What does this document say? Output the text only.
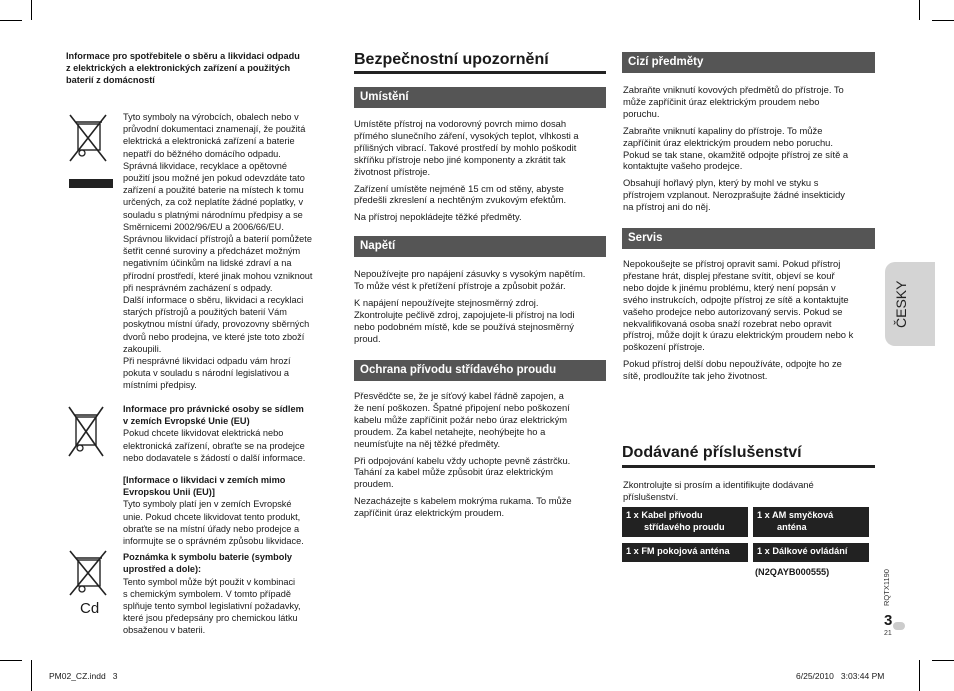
Informace pro spotřebitele o sběru a likvidaci odpadu
z elektrických a elektronických zařízení a použitých
baterií z domácností
Tyto symboly na výrobcích, obalech nebo v
průvodní dokumentaci znamenají, že použitá
elektrická a elektronická zařízení a baterie
nepatří do běžného domácího odpadu.
Správná likvidace, recyklace a opětovné
použití jsou možné jen pokud odevzdáte tato
zařízení a použité baterie na místech k tomu
určených, za což neplatíte žádné poplatky, v
souladu s platnými národnímu předpisy a se
Směrnicemi 2002/96/EU a 2006/66/EU.
Správnou likvidací přístrojů a baterií pomůžete
šetřit cenné suroviny a předcházet možným
negativním účinkům na lidské zdraví a na
přírodní prostředí, které jinak mohou vzniknout
při nesprávném zacházení s odpady.
Další informace o sběru, likvidaci a recyklaci
starých přístrojů a použitých baterií Vám
poskytnou místní úřady, provozovny sběrných
dvorů nebo prodejna, ve které jste toto zboží
zakoupili.
Při nesprávné likvidaci odpadu vám hrozí
pokuta v souladu s národní legislativou a
místními předpisy.
Informace pro právnické osoby se sídlem
v zemích Evropské Unie (EU)
Pokud chcete likvidovat elektrická nebo
elektronická zařízení, obraťte se na prodejce
nebo dodavatele s žádostí o další informace.
[Informace o likvidaci v zemích mimo
Evropskou Unii (EU)]
Tyto symboly platí jen v zemích Evropské
unie. Pokud chcete likvidovat tento produkt,
obraťte se na místní úřady nebo prodejce a
informujte se o správném způsobu likvidace.
Poznámka k symbolu baterie (symboly
uprostřed a dole):
Tento symbol může být použit v kombinaci
s chemickým symbolem. V tomto případě
splňuje tento symbol legislativní požadavky,
které jsou předepsány pro chemickou látku
obsaženou v baterii.
Cd
Bezpečnostní upozornění
Umístění
Umístěte přístroj na vodorovný povrch mimo dosah
přímého slunečního záření, vysokých teplot, vlhkosti a
přílišných vibrací. Takové prostředí by mohlo poškodit
skříňku přístroje nebo jiné komponenty a zkrátit tak
životnost přístroje.
Zařízení umístěte nejméně 15 cm od stěny, abyste
předešli zkreslení a nechtěným zvukovým efektům.
Na přístroj nepokládejte těžké předměty.
Napětí
Nepoužívejte pro napájení zásuvky s vysokým napětím.
To může vést k přetížení přístroje a způsobit požár.
K napájení nepoužívejte stejnosměrný zdroj.
Zkontrolujte pečlivě zdroj, zapojujete-li přístroj na lodi
nebo podobném místě, kde se používá stejnosměrný
proud.
Ochrana přívodu střídavého proudu
Přesvědčte se, že je síťový kabel řádně zapojen, a
že není poškozen. Špatné připojení nebo poškození
kabelu může zapříčinit požár nebo úraz elektrickým
proudem. Za kabel netahejte, neohýbejte ho a
neumísťujte na něj těžké předměty.
Při odpojování kabelu vždy uchopte pevně zástrčku.
Tahání za kabel může způsobit úraz elektrickým
proudem.
Nezacházejte s kabelem mokrýma rukama. To může
zapříčinit úraz elektrickým proudem.
Cizí předměty
Zabraňte vniknutí kovových předmětů do přístroje. To
může zapříčinit úraz elektrickým proudem nebo
poruchu.
Zabraňte vniknutí kapaliny do přístroje. To může
zapříčinit úraz elektrickým proudem nebo poruchu.
Pokud se tak stane, okamžitě odpojte přístroj ze sítě a
kontaktujte vašeho prodejce.
Obsahují hořlavý plyn, který by mohl ve styku s
přístrojem vzplanout. Nerozprašujte žádné insekticidy
na přístroj ani do něj.
Servis
Nepokoušejte se přístroj opravit sami. Pokud přístroj
přestane hrát, displej přestane svítit, objeví se kouř
nebo dojde k jinému problému, který není popsán v
svého instrukcích, odpojte přístroj ze sítě a kontaktujte
vašeho prodejce nebo autorizovaný servis. Pokud se
nekvalifikovaná osoba snaží rozebrat nebo opravit
přístroj, může dojít k úrazu elektrickým proudem nebo k
poškození přístroje.
Pokud přístroj delší dobu nepoužíváte, odpojte ho ze
sítě, prodloužíte tak jeho životnost.
Dodávané příslušenství
Zkontrolujte si prosím a identifikujte dodávané
příslušenství.
1 x Kabel přívodu
střídavého proudu
1 x AM smyčková
anténa
1 x FM pokojová anténa	1 x Dálkové ovládání
(N2QAYB000555)
ČESKY
RQTX1190
3
21
PM02_CZ.indd   3	6/25/2010   3:03:44 PM
